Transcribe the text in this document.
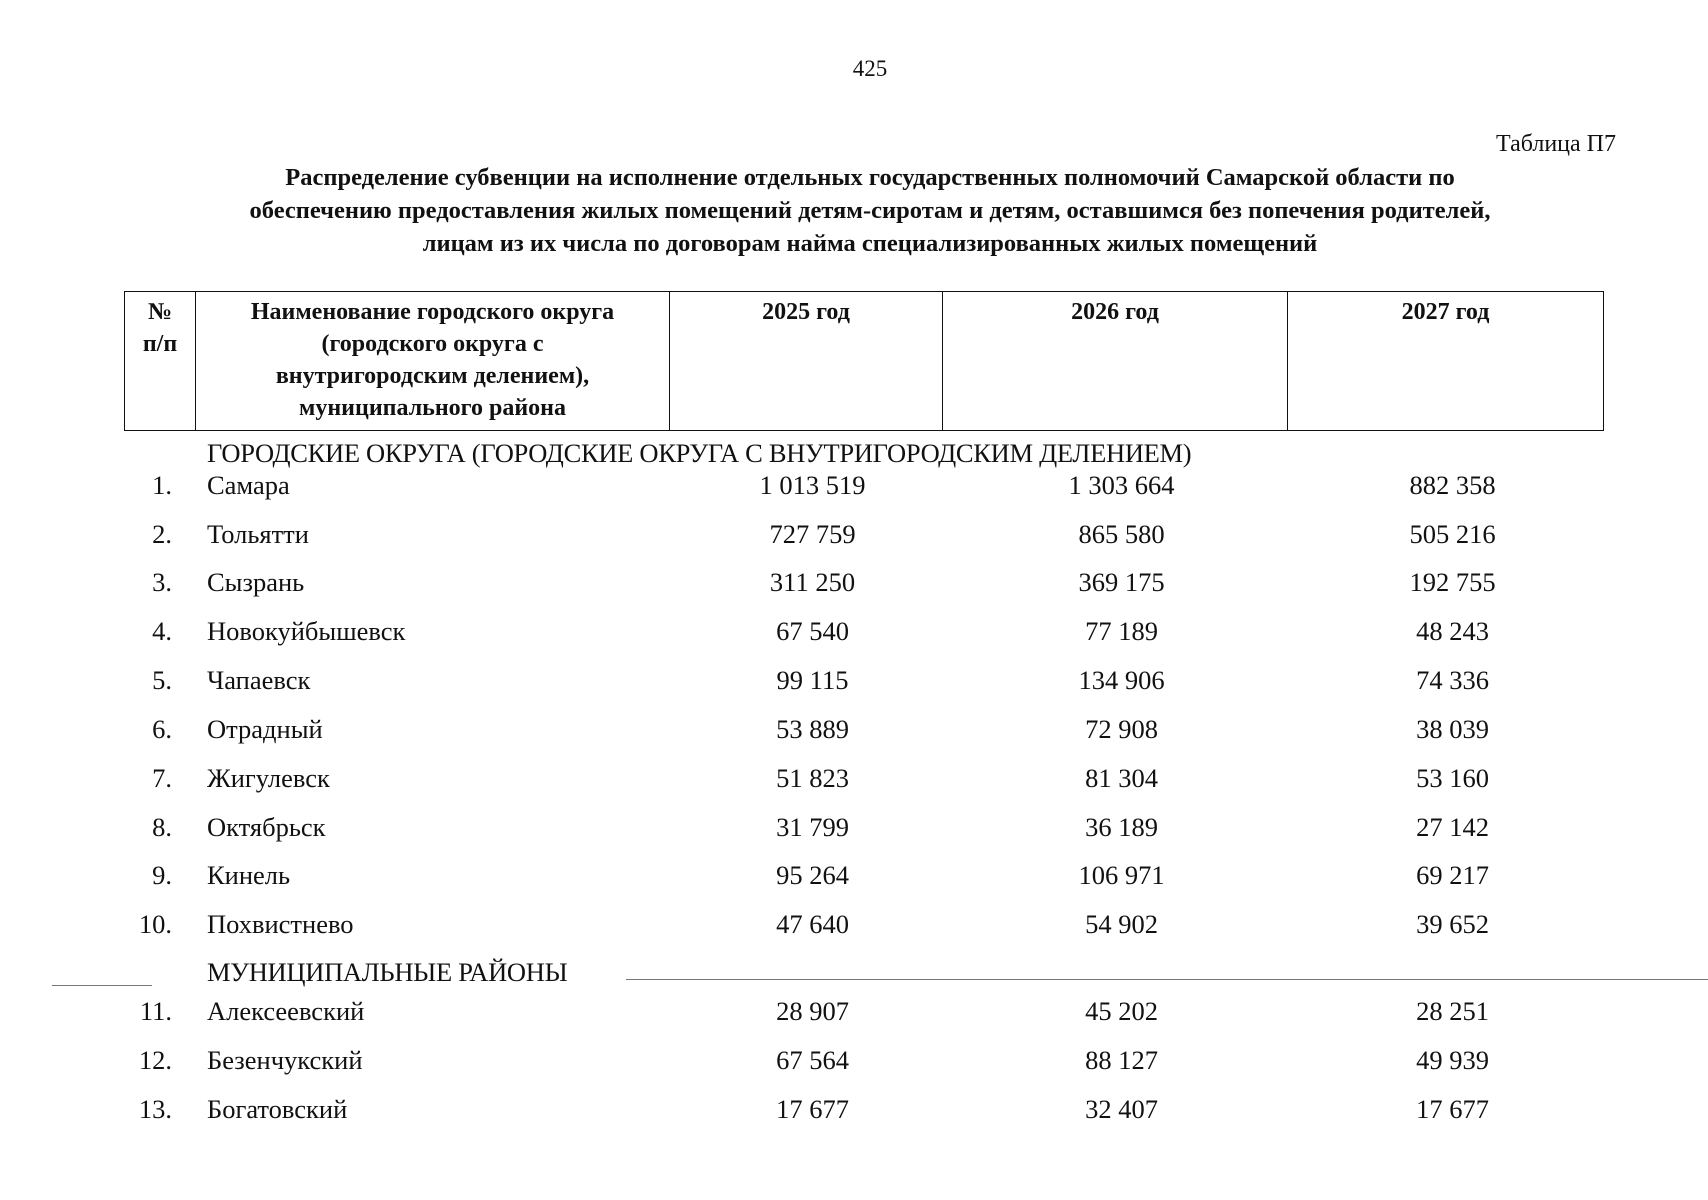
425
Таблица П7
Распределение субвенции на исполнение отдельных государственных полномочий Самарской области по
обеспечению предоставления жилых помещений детям-сиротам и детям, оставшимся без попечения родителей,
лицам из их числа по договорам найма специализированных жилых помещений
№
п/п

Наименование городского округа
(городского округа с
внутригородским делением),
муниципального района
	2025 год	2026 год	2027 год
ГОРОДСКИЕ ОКРУГА (ГОРОДСКИЕ ОКРУГА С ВНУТРИГОРОДСКИМ ДЕЛЕНИЕМ)
1. Самара	1 013 519	1 303 664	882 358
2. Тольятти	727 759	865 580	505 216
3. Сызрань	311 250	369 175	192 755
4. Новокуйбышевск	67 540	77 189	48 243
5. Чапаевск	99 115	134 906	74 336
6. Отрадный	53 889	72 908	38 039
7. Жигулевск	51 823	81 304	53 160
8. Октябрьск	31 799	36 189	27 142
9. Кинель	95 264	106 971	69 217
10. Похвистнево	47 640	54 902	39 652
МУНИЦИПАЛЬНЫЕ РАЙОНЫ
11. Алексеевский	28 907	45 202	28 251
12. Безенчукский	67 564	88 127	49 939
13. Богатовский	17 677	32 407	17 677
